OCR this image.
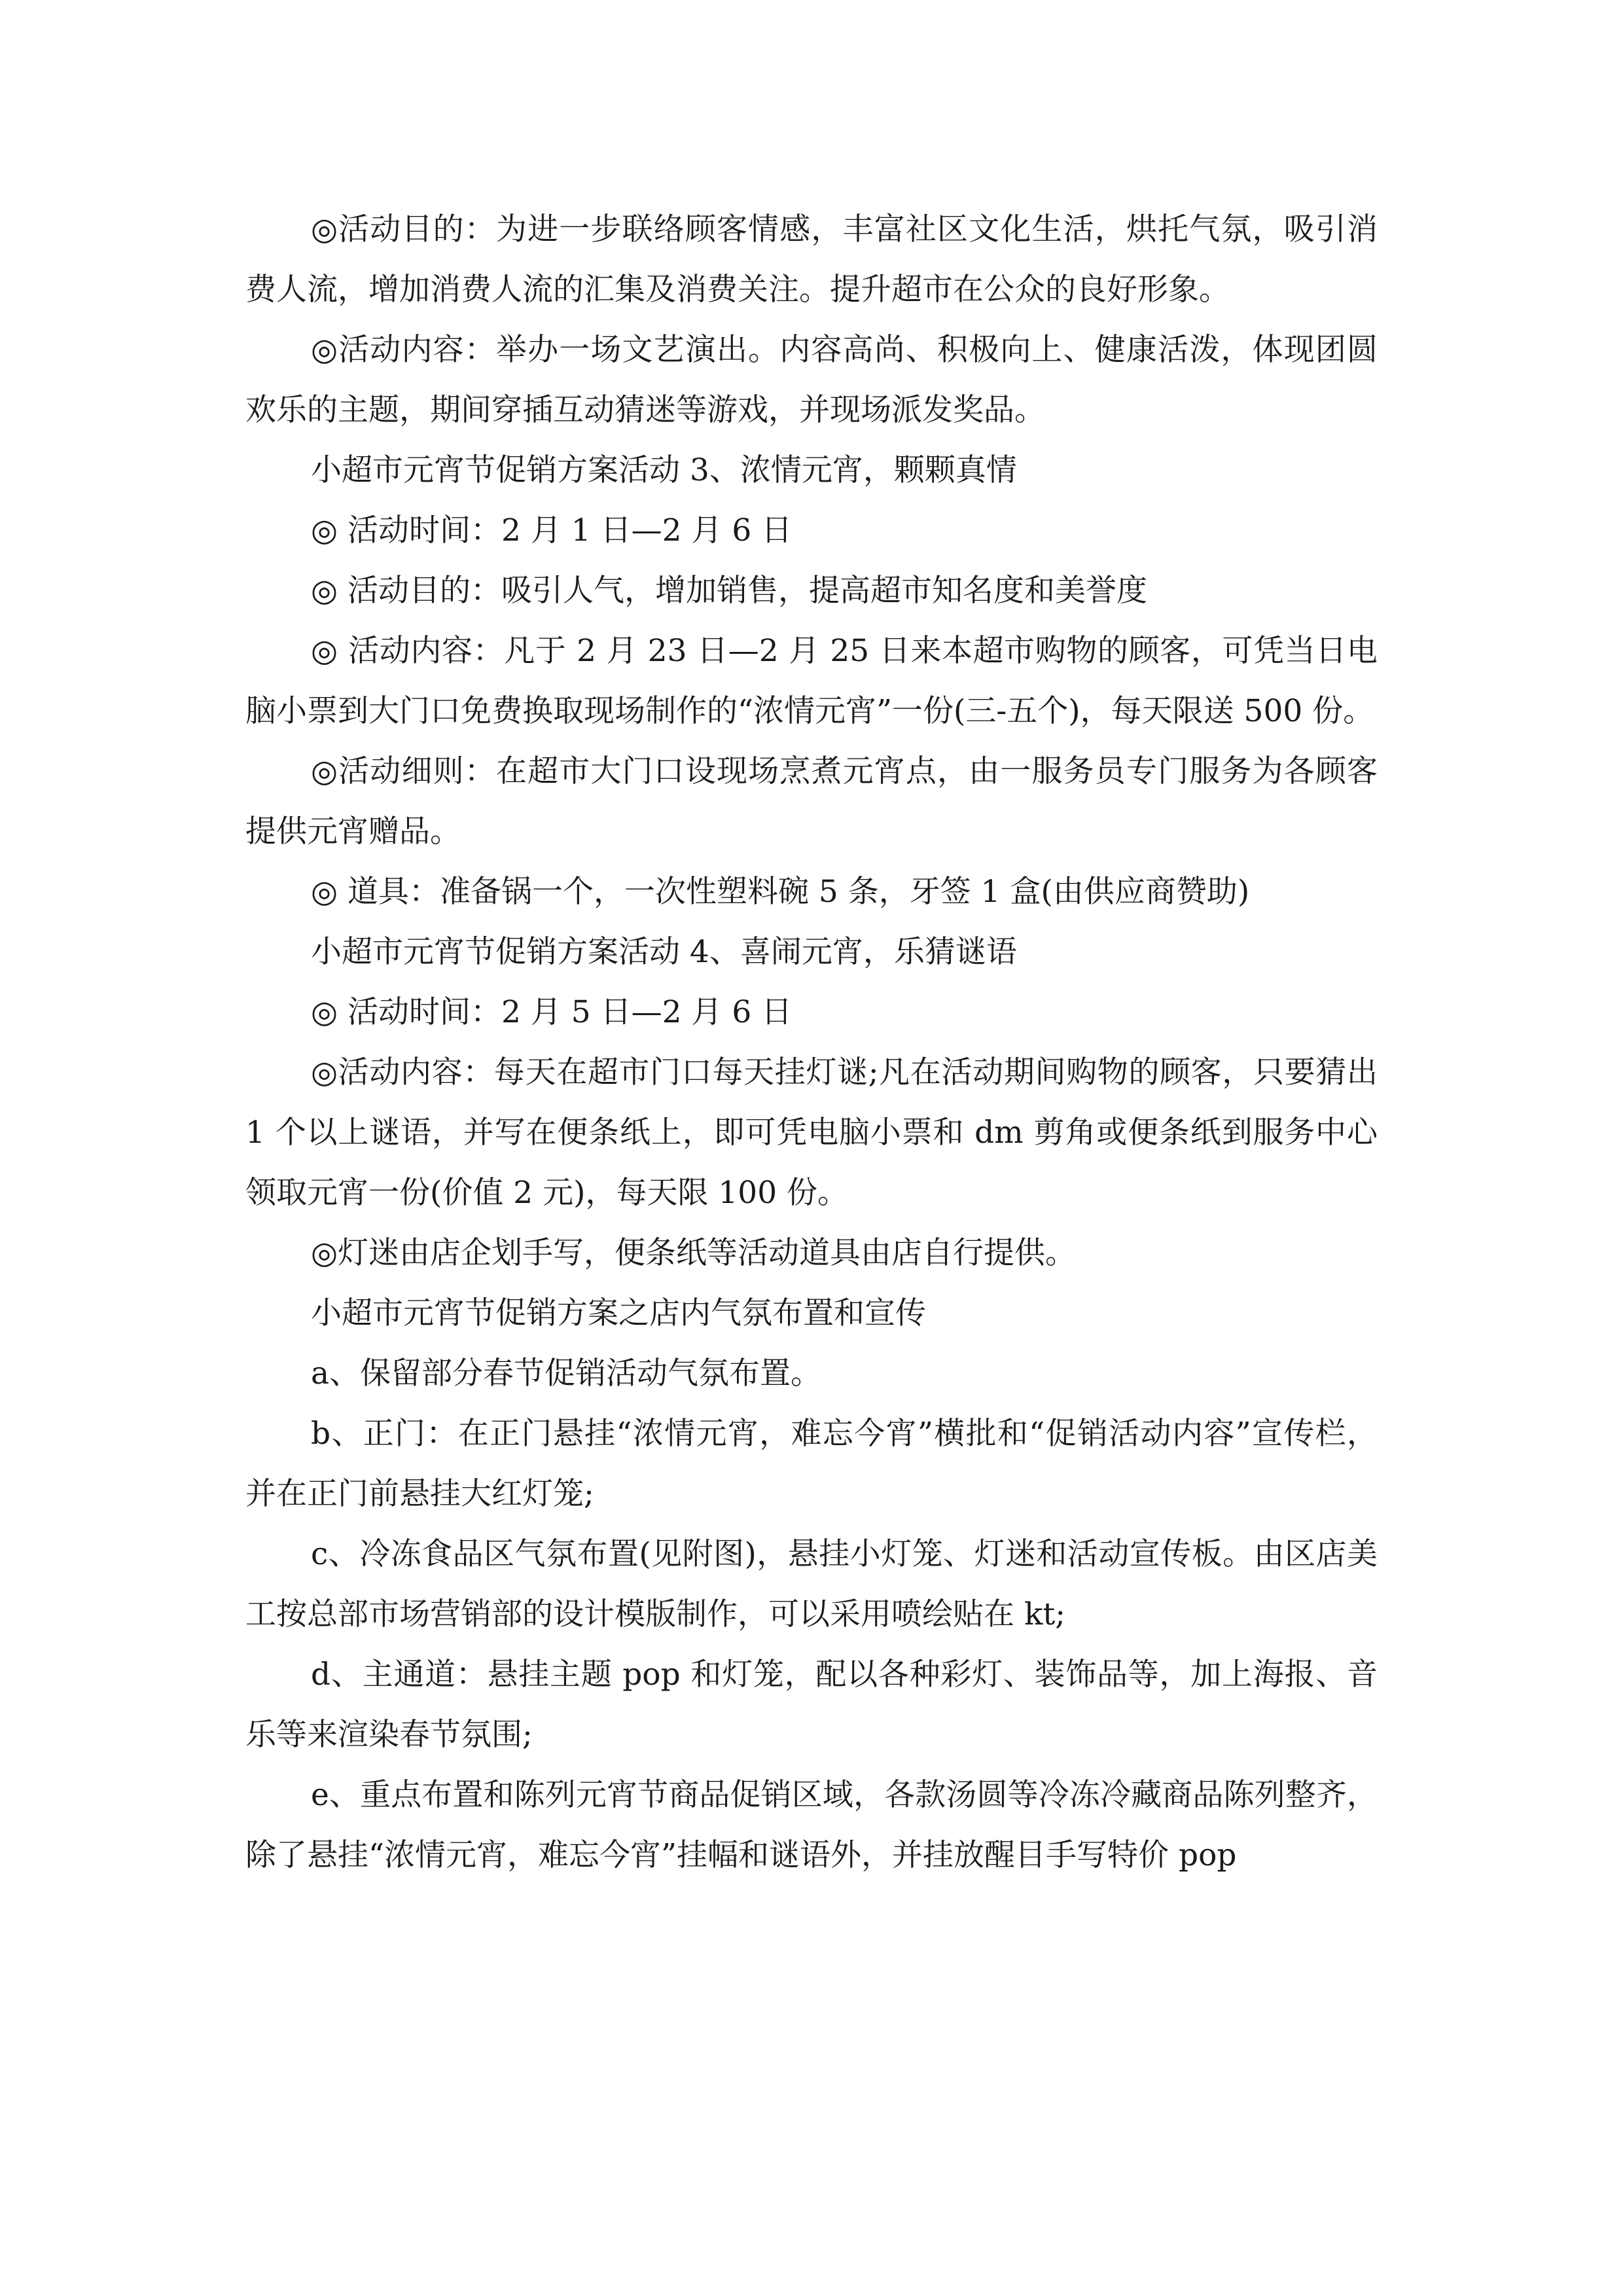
◎活动目的：为进一步联络顾客情感，丰富社区文化生活，烘托气氛，吸引消费人流，增加消费人流的汇集及消费关注。提升超市在公众的良好形象。

◎活动内容：举办一场文艺演出。内容高尚、积极向上、健康活泼，体现团圆欢乐的主题，期间穿插互动猜迷等游戏，并现场派发奖品。

小超市元宵节促销方案活动 3、浓情元宵，颗颗真情

◎ 活动时间：2 月 1 日—2 月 6 日

◎ 活动目的：吸引人气，增加销售，提高超市知名度和美誉度

◎ 活动内容：凡于 2 月 23 日—2 月 25 日来本超市购物的顾客，可凭当日电脑小票到大门口免费换取现场制作的“浓情元宵”一份(三-五个)，每天限送 500 份。

◎活动细则：在超市大门口设现场烹煮元宵点，由一服务员专门服务为各顾客提供元宵赠品。

◎ 道具：准备锅一个，一次性塑料碗 5 条，牙签 1 盒(由供应商赞助)

小超市元宵节促销方案活动 4、喜闹元宵，乐猜谜语

◎ 活动时间：2 月 5 日—2 月 6 日

◎活动内容：每天在超市门口每天挂灯谜;凡在活动期间购物的顾客，只要猜出 1 个以上谜语，并写在便条纸上，即可凭电脑小票和 dm 剪角或便条纸到服务中心领取元宵一份(价值 2 元)，每天限 100 份。

◎灯迷由店企划手写，便条纸等活动道具由店自行提供。

小超市元宵节促销方案之店内气氛布置和宣传

a、保留部分春节促销活动气氛布置。

b、正门：在正门悬挂“浓情元宵，难忘今宵”横批和“促销活动内容”宣传栏，并在正门前悬挂大红灯笼;

c、冷冻食品区气氛布置(见附图)，悬挂小灯笼、灯迷和活动宣传板。由区店美工按总部市场营销部的设计模版制作，可以采用喷绘贴在 kt;

d、主通道：悬挂主题 pop 和灯笼，配以各种彩灯、装饰品等，加上海报、音乐等来渲染春节氛围;

e、重点布置和陈列元宵节商品促销区域，各款汤圆等冷冻冷藏商品陈列整齐，除了悬挂“浓情元宵，难忘今宵”挂幅和谜语外，并挂放醒目手写特价 pop
